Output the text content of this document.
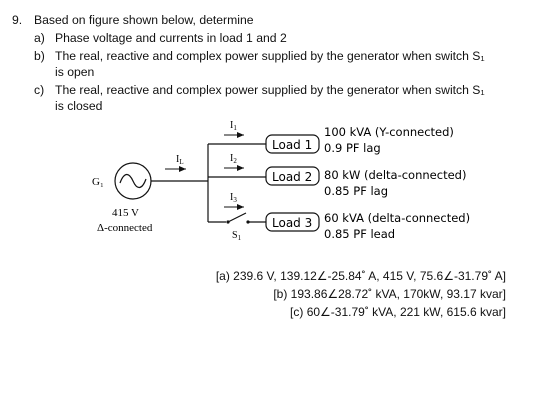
9. Based on figure shown below, determine
a) Phase voltage and currents in load 1 and 2
b) The real, reactive and complex power supplied by the generator when switch S₁
is open
c) The real, reactive and complex power supplied by the generator when switch S₁
is closed
G₁
415 V
Δ-connected
$I_L$
$I_1$
$I_2$
$I_3$
$S_1$
Load 1
Load 2
Load 3
100 kVA (Y-connected)
0.9 PF lag
80 kW (delta-connected)
0.85 PF lag
60 kVA (delta-connected)
0.85 PF lead
[a) 239.6 V, 139.12∠-25.84˚ A, 415 V, 75.6∠-31.79˚ A]
[b) 193.86∠28.72˚ kVA, 170kW, 93.17 kvar]
[c) 60∠-31.79˚ kVA, 221 kW, 615.6 kvar]
